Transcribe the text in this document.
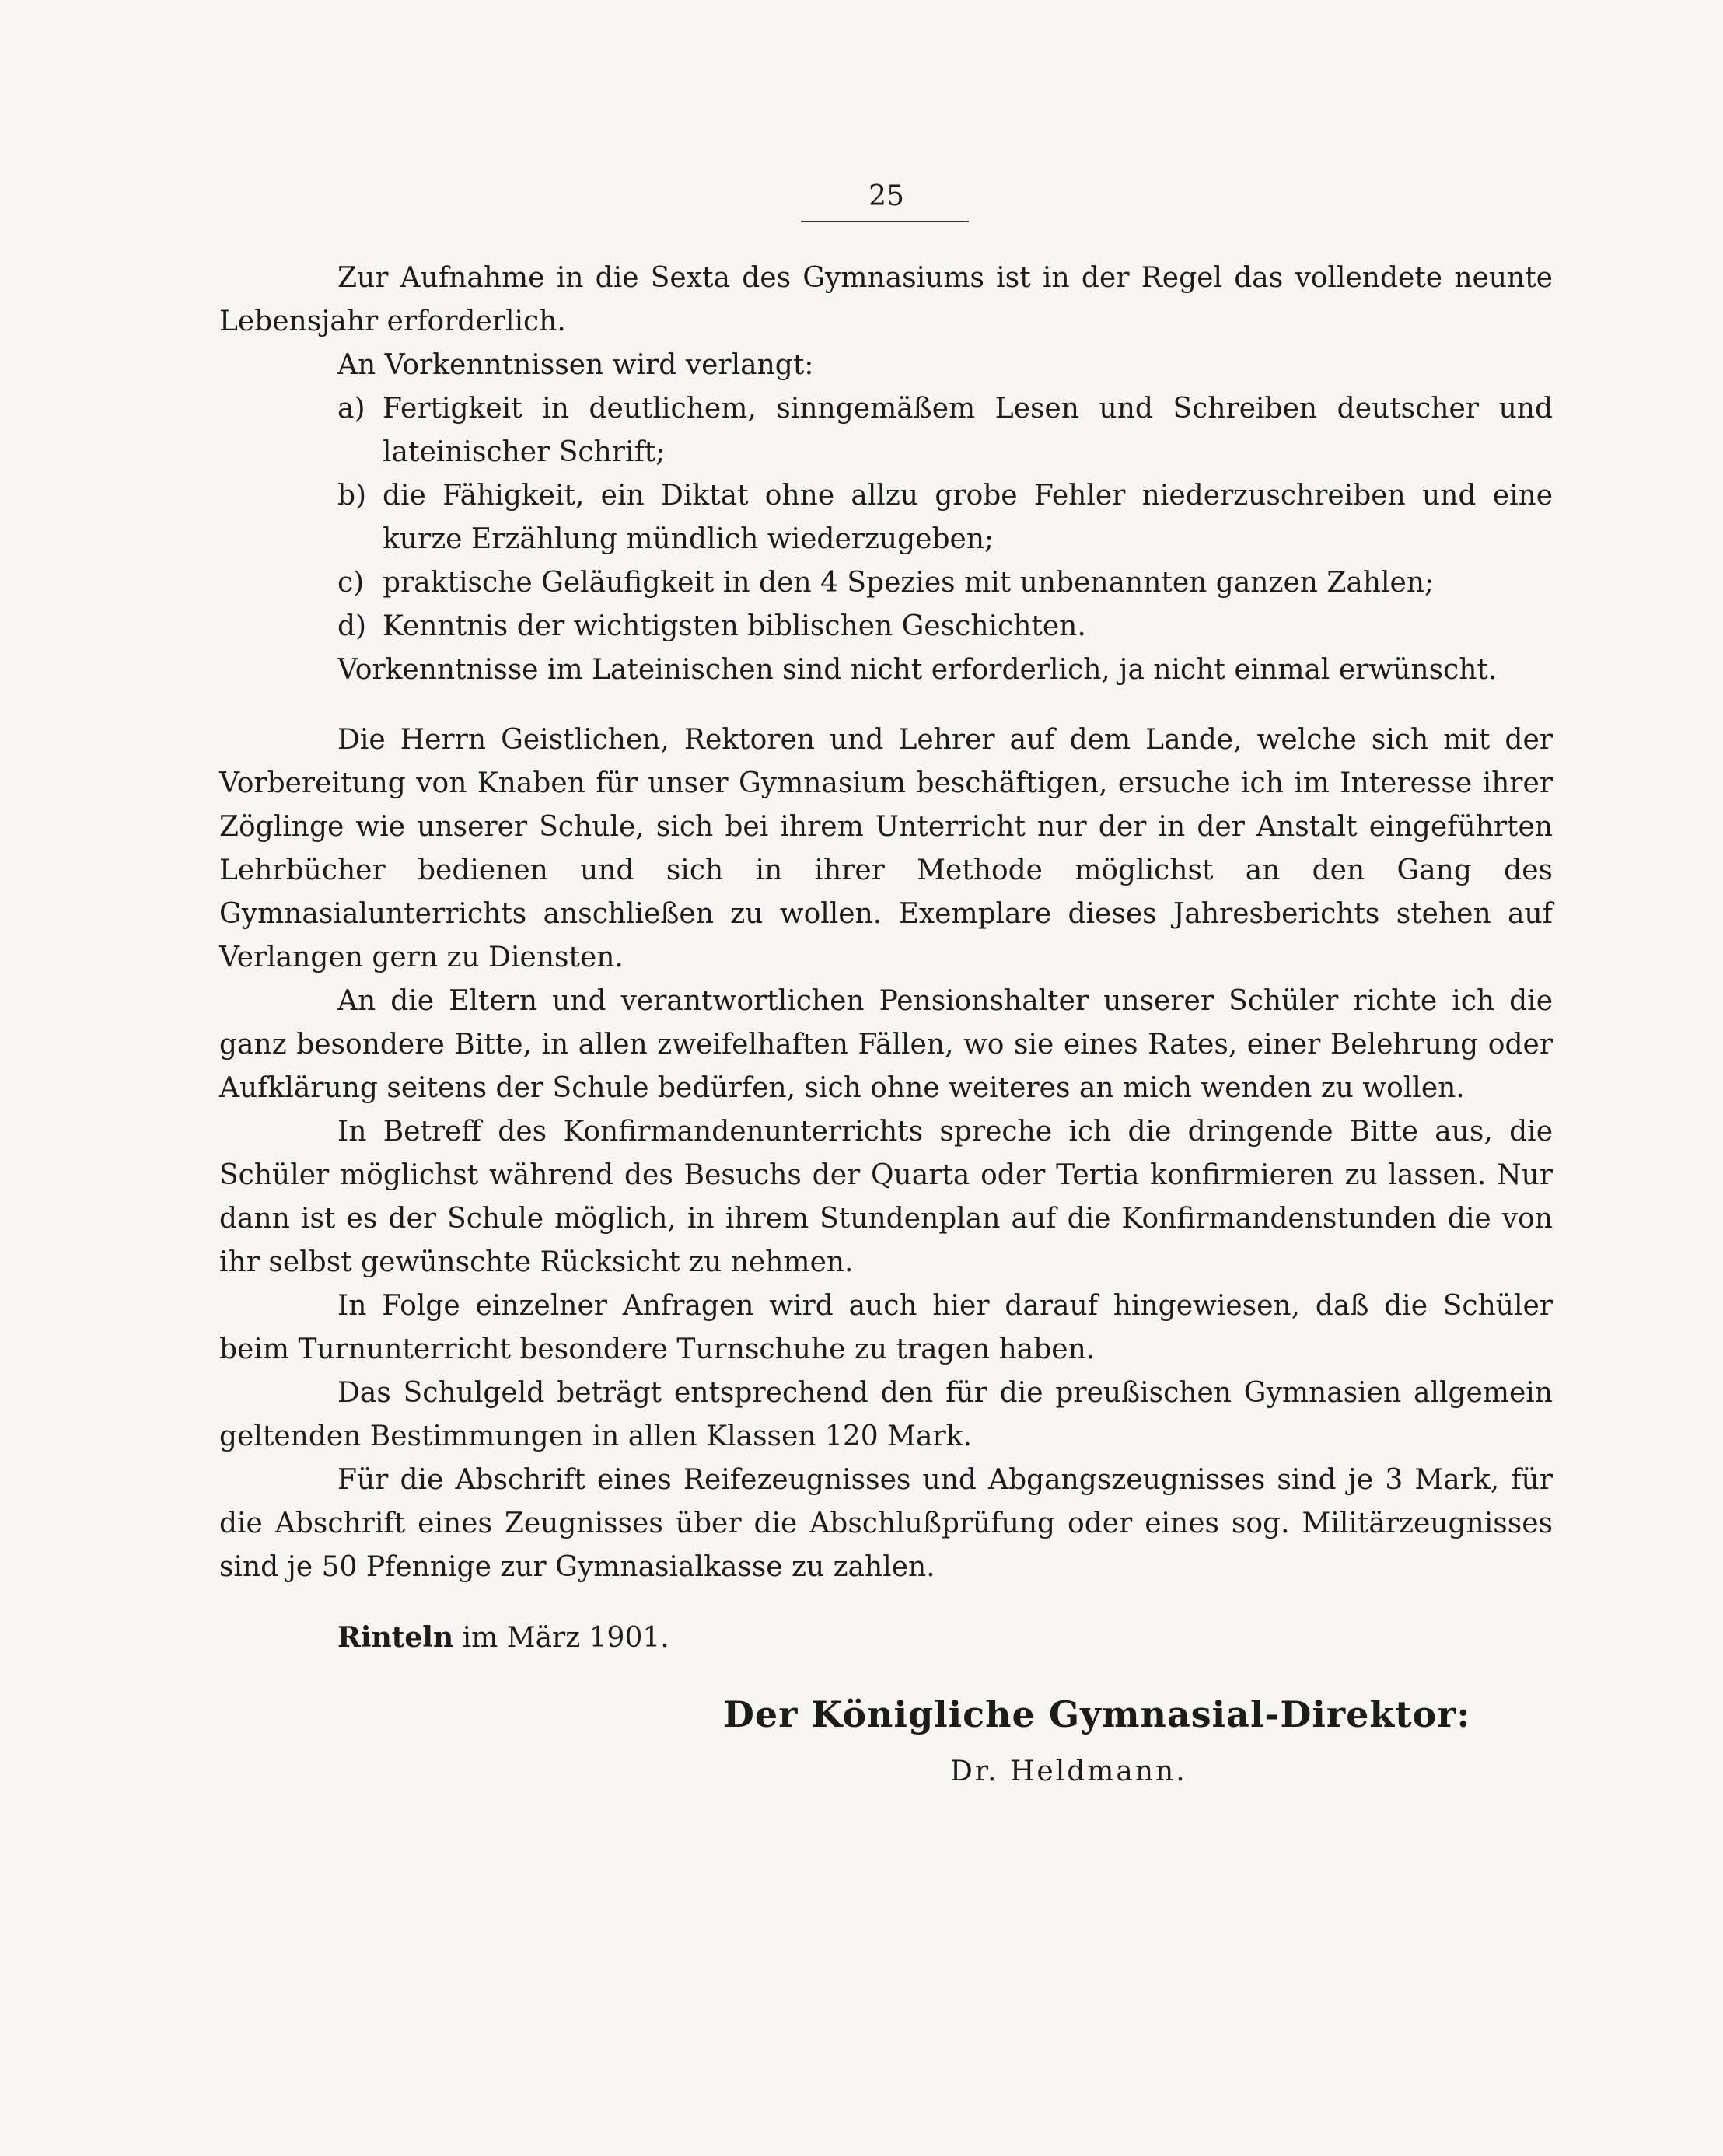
25

Zur Aufnahme in die Sexta des Gymnasiums ist in der Regel das vollendete neunte Lebensjahr erforderlich.

An Vorkenntnissen wird verlangt:

a) Fertigkeit in deutlichem, sinngemäßem Lesen und Schreiben deutscher und lateinischer Schrift;
b) die Fähigkeit, ein Diktat ohne allzu grobe Fehler niederzuschreiben und eine kurze Erzählung mündlich wiederzugeben;
c) praktische Geläufigkeit in den 4 Spezies mit unbenannten ganzen Zahlen;
d) Kenntnis der wichtigsten biblischen Geschichten.

Vorkenntnisse im Lateinischen sind nicht erforderlich, ja nicht einmal erwünscht.

Die Herrn Geistlichen, Rektoren und Lehrer auf dem Lande, welche sich mit der Vorbereitung von Knaben für unser Gymnasium beschäftigen, ersuche ich im Interesse ihrer Zöglinge wie unserer Schule, sich bei ihrem Unterricht nur der in der Anstalt eingeführten Lehrbücher bedienen und sich in ihrer Methode möglichst an den Gang des Gymnasialunterrichts anschließen zu wollen. Exemplare dieses Jahresberichts stehen auf Verlangen gern zu Diensten.

An die Eltern und verantwortlichen Pensionshalter unserer Schüler richte ich die ganz besondere Bitte, in allen zweifelhaften Fällen, wo sie eines Rates, einer Belehrung oder Aufklärung seitens der Schule bedürfen, sich ohne weiteres an mich wenden zu wollen.

In Betreff des Konfirmandenunterrichts spreche ich die dringende Bitte aus, die Schüler möglichst während des Besuchs der Quarta oder Tertia konfirmieren zu lassen. Nur dann ist es der Schule möglich, in ihrem Stundenplan auf die Konfirmandenstunden die von ihr selbst gewünschte Rücksicht zu nehmen.

In Folge einzelner Anfragen wird auch hier darauf hingewiesen, daß die Schüler beim Turnunterricht besondere Turnschuhe zu tragen haben.

Das Schulgeld beträgt entsprechend den für die preußischen Gymnasien allgemein geltenden Bestimmungen in allen Klassen 120 Mark.

Für die Abschrift eines Reifezeugnisses und Abgangszeugnisses sind je 3 Mark, für die Abschrift eines Zeugnisses über die Abschlußprüfung oder eines sog. Militärzeugnisses sind je 50 Pfennige zur Gymnasialkasse zu zahlen.

Rinteln im März 1901.

Der Königliche Gymnasial-Direktor:
Dr. Heldmann.
